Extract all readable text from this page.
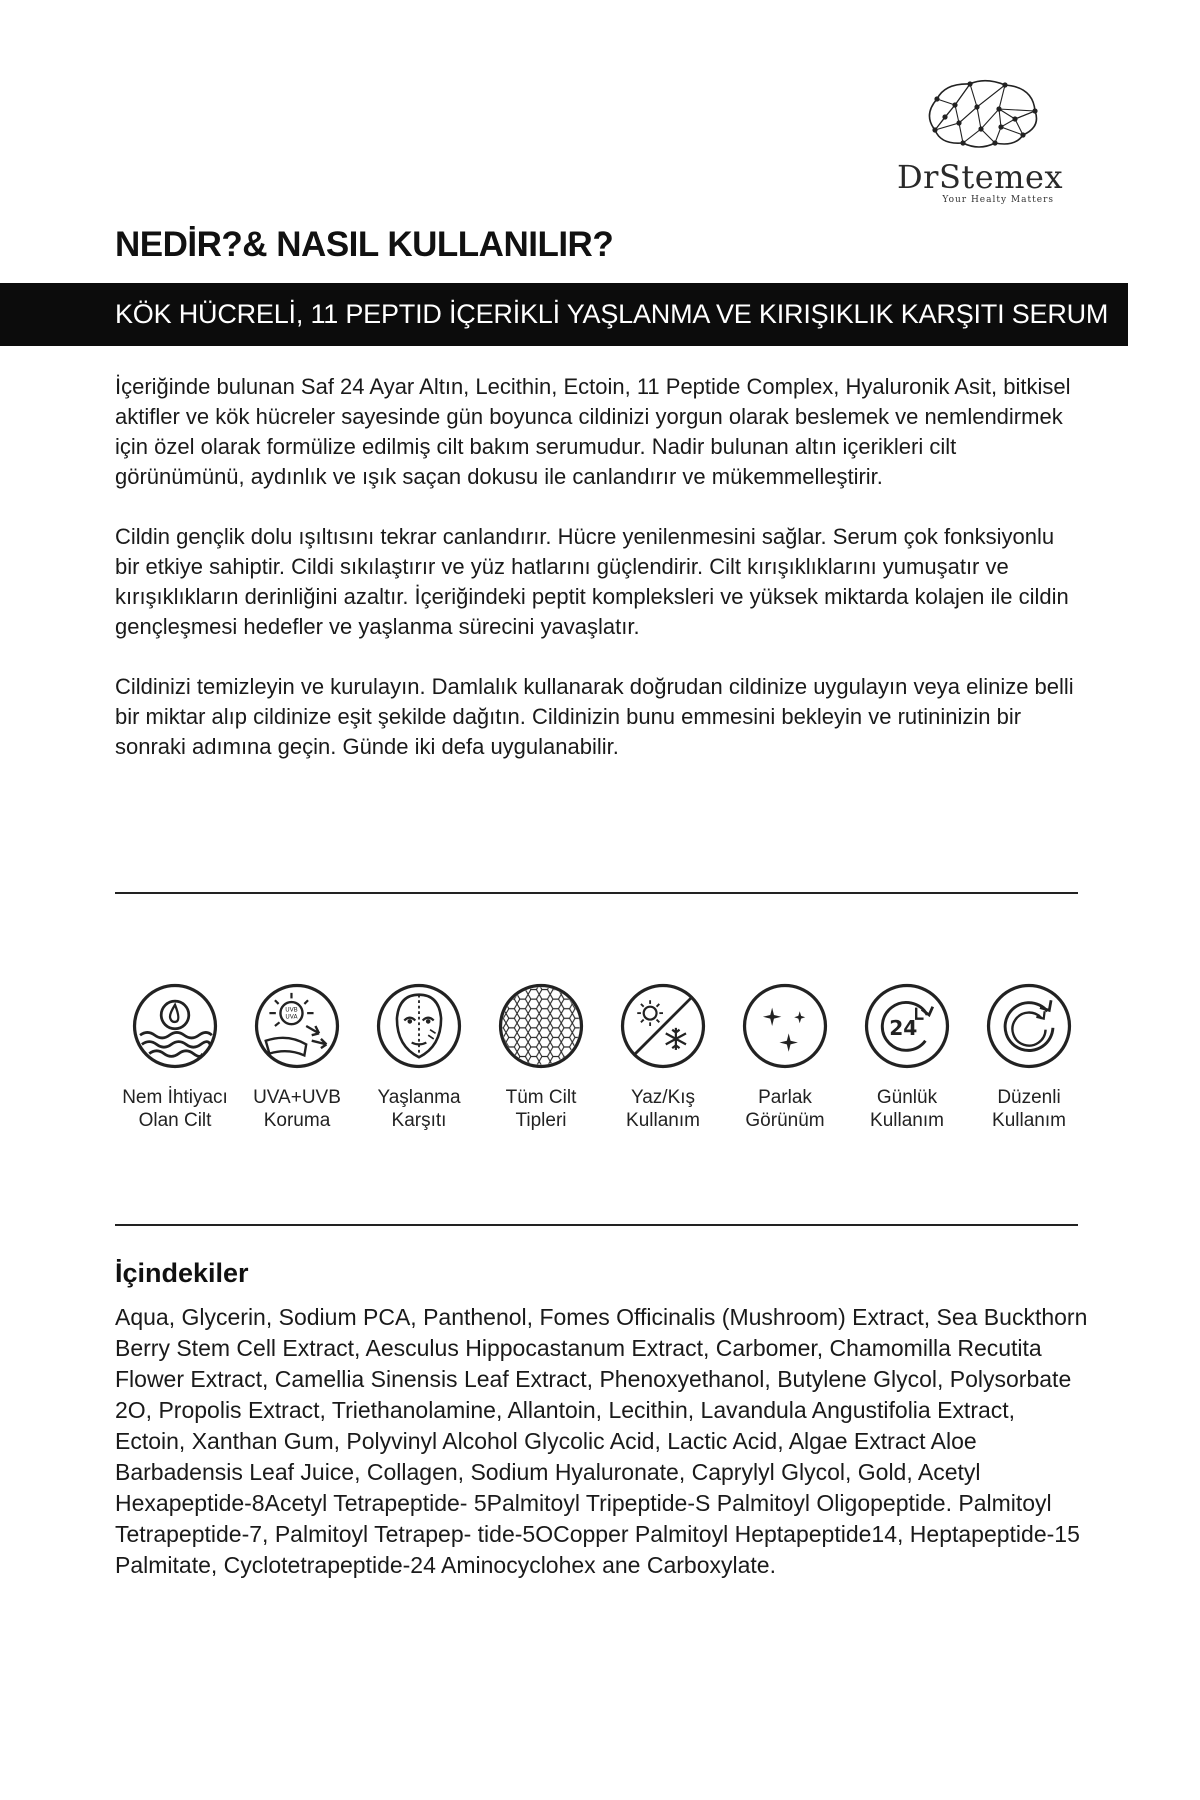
DrStemex
Your Healty Matters
NEDİR?& NASIL KULLANILIR?
KÖK HÜCRELİ, 11 PEPTID İÇERİKLİ YAŞLANMA VE KIRIŞIKLIK KARŞITI SERUM

İçeriğinde bulunan Saf 24 Ayar Altın, Lecithin, Ectoin, 11 Peptide Complex, Hyaluronik Asit, bitkisel aktifler ve kök hücreler sayesinde gün boyunca cildinizi yorgun olarak beslemek ve nemlendirmek için özel olarak formülize edilmiş cilt bakım serumudur. Nadir bulunan altın içerikleri cilt görünümünü, aydınlık ve ışık saçan dokusu ile canlandırır ve mükemmelleştirir.

Cildin gençlik dolu ışıltısını tekrar canlandırır. Hücre yenilenmesini sağlar. Serum çok fonksiyonlu bir etkiye sahiptir. Cildi sıkılaştırır ve yüz hatlarını güçlendirir. Cilt kırışıklıklarını yumuşatır ve kırışıklıkların derinliğini azaltır. İçeriğindeki peptit kompleksleri ve yüksek miktarda kolajen ile cildin gençleşmesi hedefler ve yaşlanma sürecini yavaşlatır.

Cildinizi temizleyin ve kurulayın. Damlalık kullanarak doğrudan cildinize uygulayın veya elinize belli bir miktar alıp cildinize eşit şekilde dağıtın. Cildinizin bunu emmesini bekleyin ve rutininizin bir sonraki adımına geçin. Günde iki defa uygulanabilir.

Nem İhtiyacı
Olan Cilt
UVB
UVA
UVA+UVB
Koruma
Yaşlanma
Karşıtı
Tüm Cilt
Tipleri
Yaz/Kış
Kullanım
Parlak
Görünüm
24
Günlük
Kullanım
Düzenli
Kullanım
İçindekiler

Aqua, Glycerin, Sodium PCA, Panthenol, Fomes Officinalis (Mushroom) Extract, Sea Buckthorn Berry Stem Cell Extract, Aesculus Hippocastanum Extract, Carbomer, Chamomilla Recutita Flower Extract, Camellia Sinensis Leaf Extract, Phenoxyethanol, Butylene Glycol, Polysorbate 2O, Propolis Extract, Triethanolamine, Allantoin, Lecithin, Lavandula Angustifolia Extract, Ectoin, Xanthan Gum, Polyvinyl Alcohol Glycolic Acid, Lactic Acid, Algae Extract Aloe Barbadensis Leaf Juice, Collagen, Sodium Hyaluronate, Caprylyl Glycol, Gold, Acetyl Hexapeptide-8Acetyl Tetrapeptide- 5Palmitoyl Tripeptide-S Palmitoyl Oligopeptide. Palmitoyl Tetrapeptide-7, Palmitoyl Tetrapep- tide-5OCopper Palmitoyl Heptapeptide14, Heptapeptide-15 Palmitate, Cyclotetrapeptide-24 Aminocyclohex ane Carboxylate.
